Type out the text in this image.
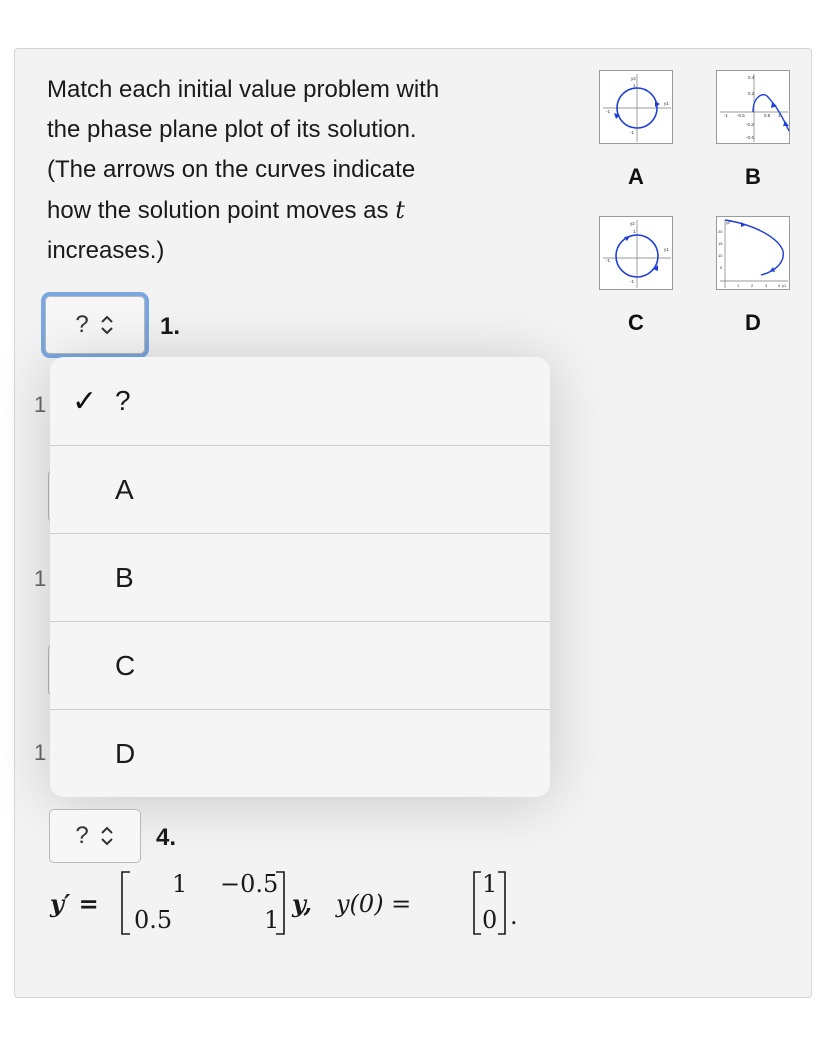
Match each initial value problem with
the phase plane plot of its solution.
(The arrows on the curves indicate
how the solution point moves as t
increases.)
y2
y1
1
-1
-1
A
0.4
0.2
-1 -0.5	0.5 1
-0.2
-0.4
B
y2
y1
1
-1
-1
C
y2
20
15
10
5
1	2	3	4 y1
D
?	1.
1
1
1
✓ ?
A
B
C
D
?	4.
y′ =
1 −0.5
0.5	1
y, y(0) =
1
0 .
